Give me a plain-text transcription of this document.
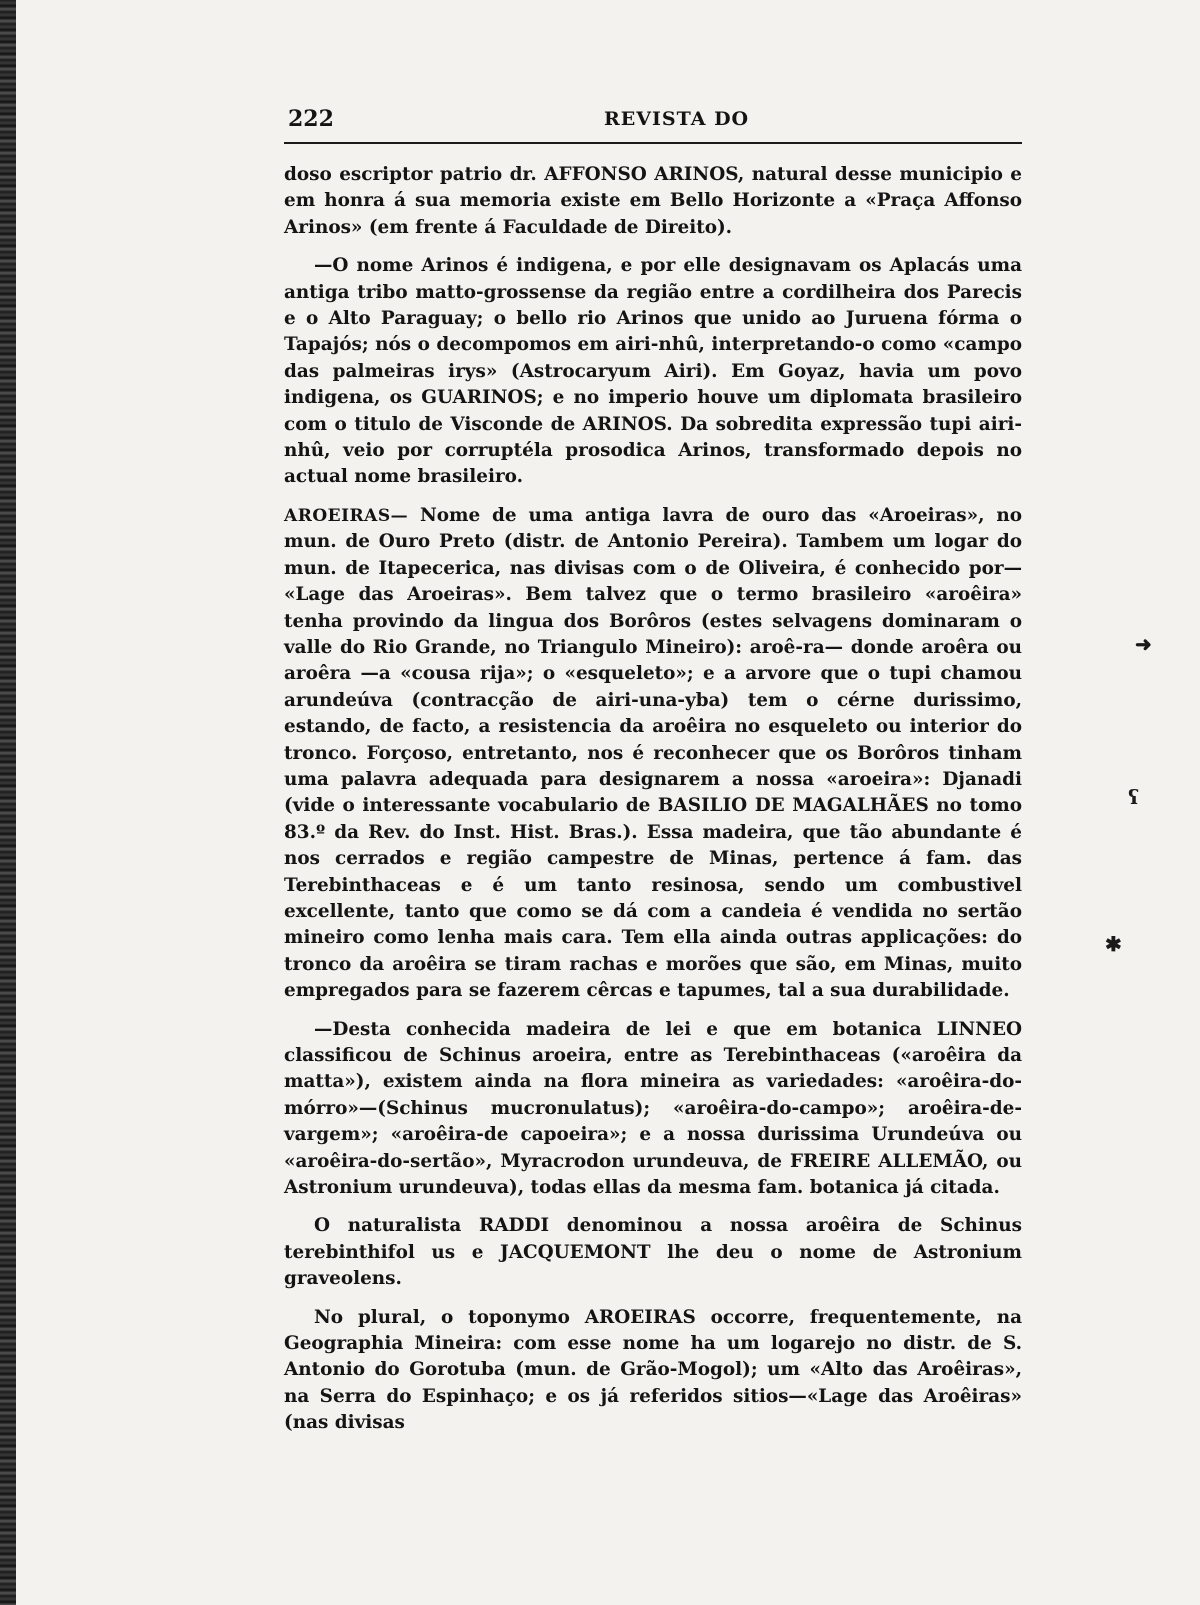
222	REVISTA DO

doso escriptor patrio dr. AFFONSO ARINOS, natural desse municipio e em honra á sua memoria existe em Bello Horizonte a «Praça Affonso Arinos» (em frente á Faculdade de Direito).

—O nome Arinos é indigena, e por elle designavam os Aplacás uma antiga tribo matto-grossense da região entre a cordilheira dos Parecis e o Alto Paraguay; o bello rio Arinos que unido ao Juruena fórma o Tapajós; nós o decompomos em airi-nhû, interpretando-o como «campo das palmeiras irys» (Astrocaryum Airi). Em Goyaz, havia um povo indigena, os GUARINOS; e no imperio houve um diplomata brasileiro com o titulo de Visconde de ARINOS. Da sobredita expressão tupi airi-nhû, veio por corruptéla prosodica Arinos, transformado depois no actual nome brasileiro.

AROEIRAS— Nome de uma antiga lavra de ouro das «Aroeiras», no mun. de Ouro Preto (distr. de Antonio Pereira). Tambem um logar do mun. de Itapecerica, nas divisas com o de Oliveira, é conhecido por— «Lage das Aroeiras». Bem talvez que o termo brasileiro «aroêira» tenha provindo da lingua dos Borôros (estes selvagens dominaram o valle do Rio Grande, no Triangulo Mineiro): aroê-ra— donde aroêra ou aroêra —a «cousa rija»; o «esqueleto»; e a arvore que o tupi chamou arundeúva (contracção de airi-una-yba) tem o cérne durissimo, estando, de facto, a resistencia da aroêira no esqueleto ou interior do tronco. Forçoso, entretanto, nos é reconhecer que os Borôros tinham uma palavra adequada para designarem a nossa «aroeira»: Djanadi (vide o interessante vocabulario de BASILIO DE MAGALHÃES no tomo 83.º da Rev. do Inst. Hist. Bras.). Essa madeira, que tão abundante é nos cerrados e região campestre de Minas, pertence á fam. das Terebinthaceas e é um tanto resinosa, sendo um combustivel excellente, tanto que como se dá com a candeia é vendida no sertão mineiro como lenha mais cara. Tem ella ainda outras applicações: do tronco da aroêira se tiram rachas e morões que são, em Minas, muito empregados para se fazerem cêrcas e tapumes, tal a sua durabilidade.

—Desta conhecida madeira de lei e que em botanica LINNEO classificou de Schinus aroeira, entre as Terebinthaceas («aroêira da matta»), existem ainda na flora mineira as variedades: «aroêira-do-mórro»—(Schinus mucronulatus); «aroêira-do-campo»; aroêira-de-vargem»; «aroêira-de capoeira»; e a nossa durissima Urundeúva ou «aroêira-do-sertão», Myracrodon urundeuva, de FREIRE ALLEMÃO, ou Astronium urundeuva), todas ellas da mesma fam. botanica já citada.

O naturalista RADDI denominou a nossa aroêira de Schinus terebinthifol us e JACQUEMONT lhe deu o nome de Astronium graveolens.

No plural, o toponymo AROEIRAS occorre, frequentemente, na Geographia Mineira: com esse nome ha um logarejo no distr. de S. Antonio do Gorotuba (mun. de Grão-Mogol); um «Alto das Aroêiras», na Serra do Espinhaço; e os já referidos sitios—«Lage das Aroêiras» (nas divisas

➜
ʕ
✱
